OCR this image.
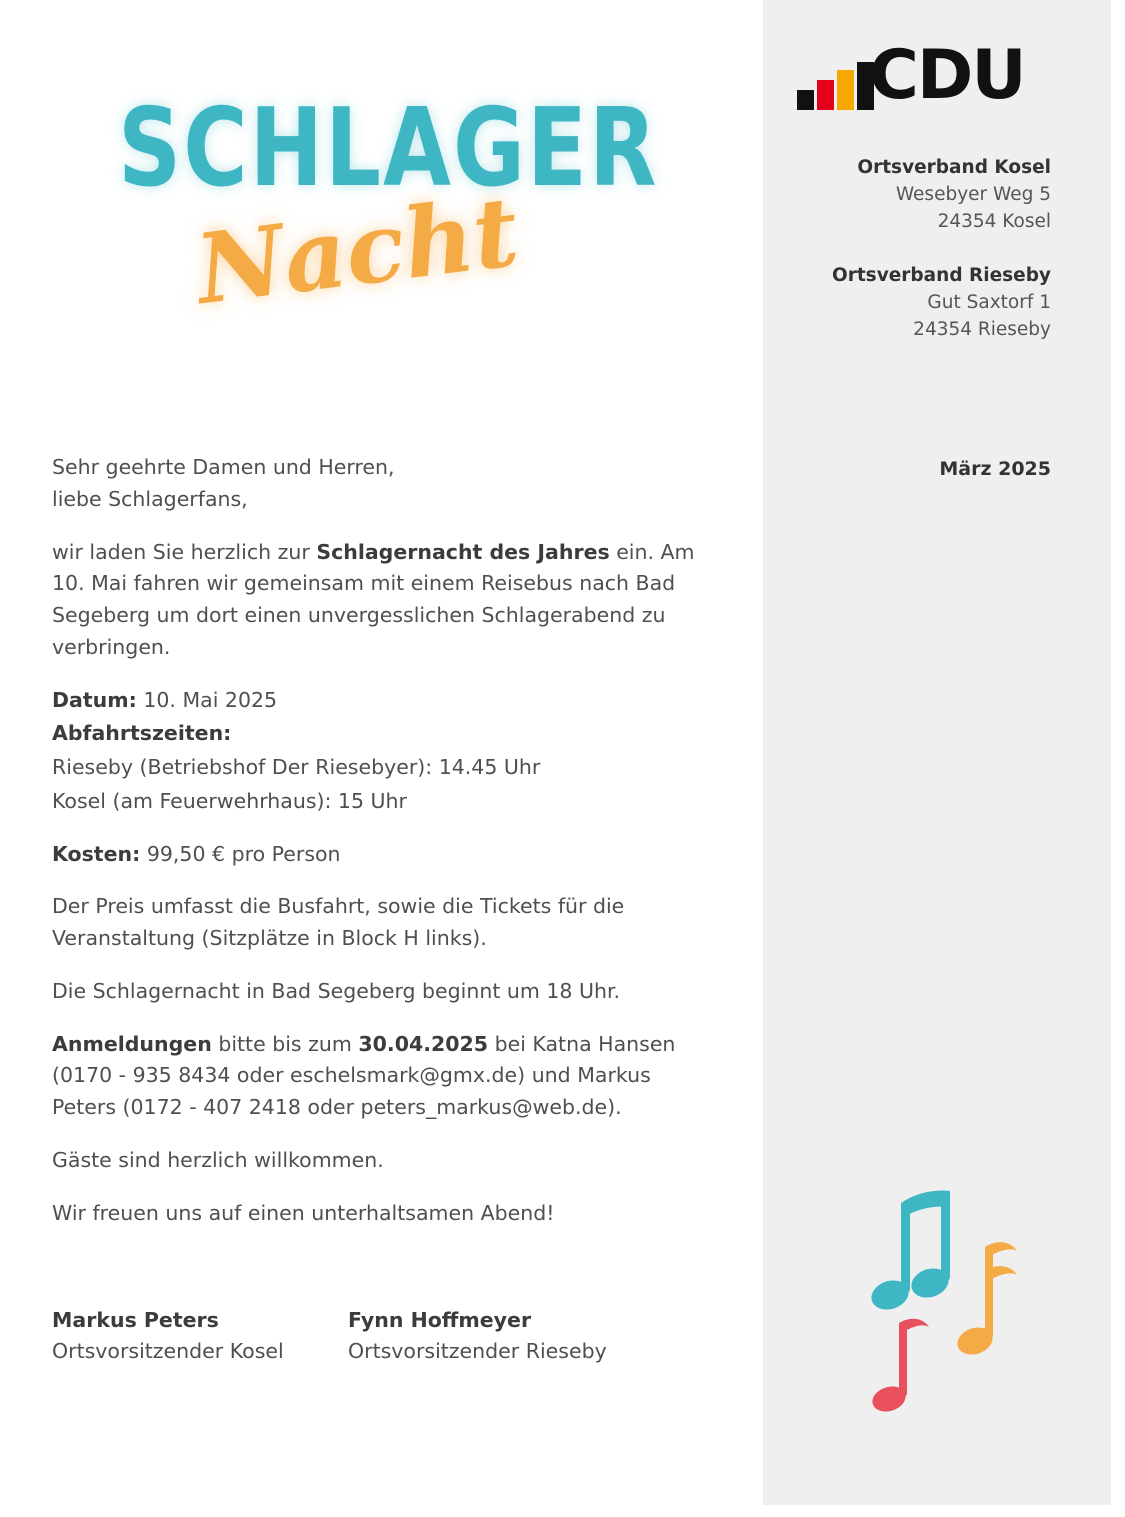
SCHLAGER
Nacht

Sehr geehrte Damen und Herren,
liebe Schlagerfans,

wir laden Sie herzlich zur Schlagernacht des Jahres ein. Am 10. Mai fahren wir gemeinsam mit einem Reisebus nach Bad Segeberg um dort einen unvergesslichen Schlagerabend zu verbringen.

Datum: 10. Mai 2025

Abfahrtszeiten:

Rieseby (Betriebshof Der Riesebyer): 14.45 Uhr

Kosel (am Feuerwehrhaus): 15 Uhr

Kosten: 99,50 € pro Person

Der Preis umfasst die Busfahrt, sowie die Tickets für die Veranstaltung (Sitzplätze in Block H links).

Die Schlagernacht in Bad Segeberg beginnt um 18 Uhr.

Anmeldungen bitte bis zum 30.04.2025 bei Katna Hansen (0170 - 935 8434 oder eschelsmark@gmx.de) und Markus Peters (0172 - 407 2418 oder peters_markus@web.de).

Gäste sind herzlich willkommen.

Wir freuen uns auf einen unterhaltsamen Abend!

Markus Peters
Ortsvorsitzender Kosel
Fynn Hoffmeyer
Ortsvorsitzender Rieseby
CDU
Ortsverband Kosel
Wesebyer Weg 5
24354 Kosel
Ortsverband Rieseby
Gut Saxtorf 1
24354 Rieseby
März 2025
